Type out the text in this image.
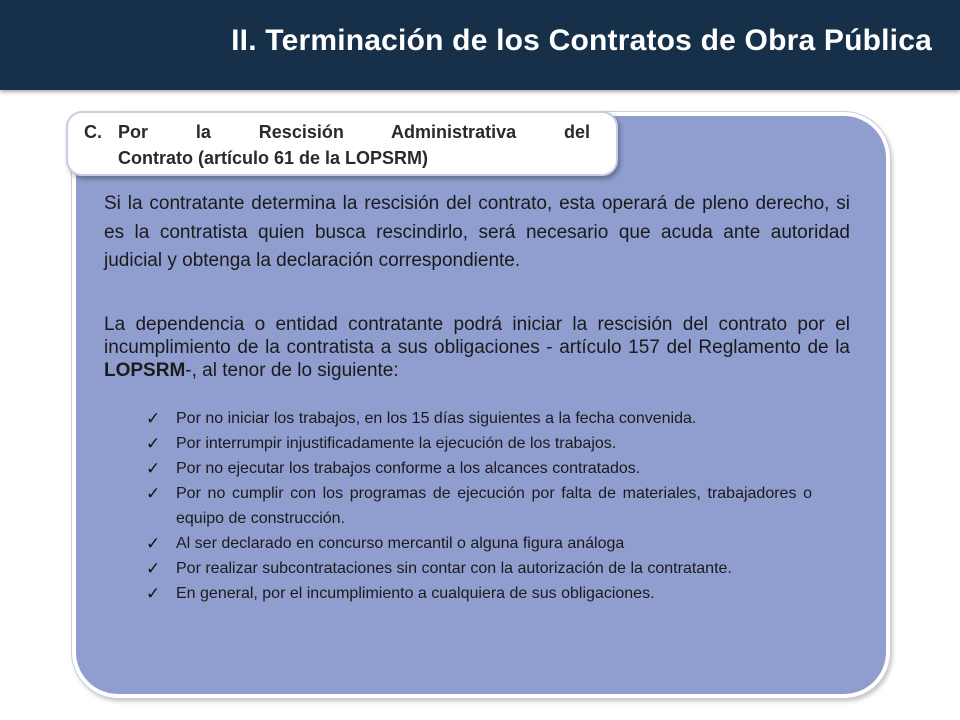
II. Terminación de los Contratos de Obra Pública
C. Por la Rescisión Administrativa del
Contrato (artículo 61 de la LOPSRM)
Si la contratante determina la rescisión del contrato, esta operará de pleno derecho, si es la contratista quien busca rescindirlo, será necesario que acuda ante autoridad judicial y obtenga la declaración correspondiente.
La dependencia o entidad contratante podrá iniciar la rescisión del contrato por el incumplimiento de la contratista a sus obligaciones - artículo 157 del Reglamento de la LOPSRM-, al tenor de lo siguiente:
✓ Por no iniciar los trabajos, en los 15 días siguientes a la fecha convenida.
✓ Por interrumpir injustificadamente la ejecución de los trabajos.
✓ Por no ejecutar los trabajos conforme a los alcances contratados.
✓ Por no cumplir con los programas de ejecución por falta de materiales, trabajadores o equipo de construcción.
✓ Al ser declarado en concurso mercantil o alguna figura análoga
✓ Por realizar subcontrataciones sin contar con la autorización de la contratante.
✓ En general, por el incumplimiento a cualquiera de sus obligaciones.
